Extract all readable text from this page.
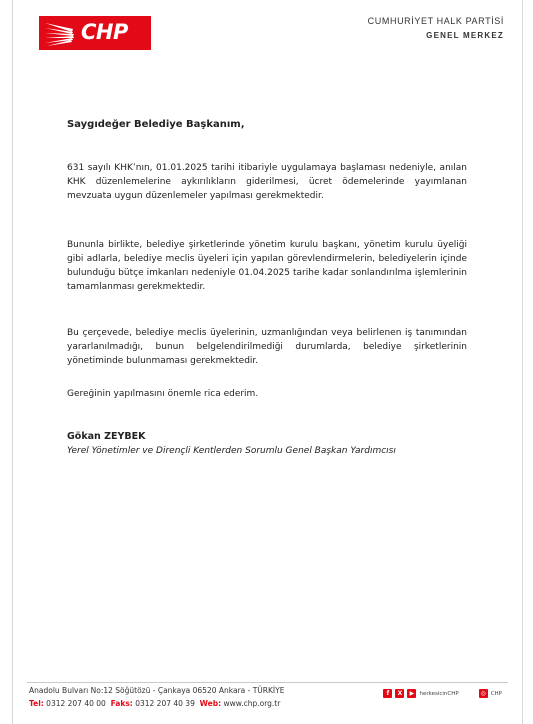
CHP	CUMHURİYET HALK PARTİSİ
GENEL MERKEZ

Saygıdeğer Belediye Başkanım,

631 sayılı KHK’nın, 01.01.2025 tarihi itibariyle uygulamaya başlaması nedeniyle, anılan KHK düzenlemelerine aykırılıkların giderilmesi, ücret ödemelerinde yayımlanan mevzuata uygun düzenlemeler yapılması gerekmektedir.

Bununla birlikte, belediye şirketlerinde yönetim kurulu başkanı, yönetim kurulu üyeliği gibi adlarla, belediye meclis üyeleri için yapılan görevlendirmelerin, belediyelerin içinde bulunduğu bütçe imkanları nedeniyle 01.04.2025 tarihe kadar sonlandırılma işlemlerinin tamamlanması gerekmektedir.

Bu çerçevede, belediye meclis üyelerinin, uzmanlığından veya belirlenen iş tanımından yararlanılmadığı, bunun belgelendirilmediği durumlarda, belediye şirketlerinin yönetiminde bulunmaması gerekmektedir.

Gereğinin yapılmasını önemle rica ederim.

Gökan ZEYBEK
Yerel Yönetimler ve Dirençli Kentlerden Sorumlu Genel Başkan Yardımcısı
Anadolu Bulvarı No:12 Söğütözü - Çankaya 06520 Ankara - TÜRKİYE
Tel: 0312 207 40 00 Faks: 0312 207 40 39 Web: www.chp.org.tr
f	X	▶ herkesicinCHP	◎ CHP
